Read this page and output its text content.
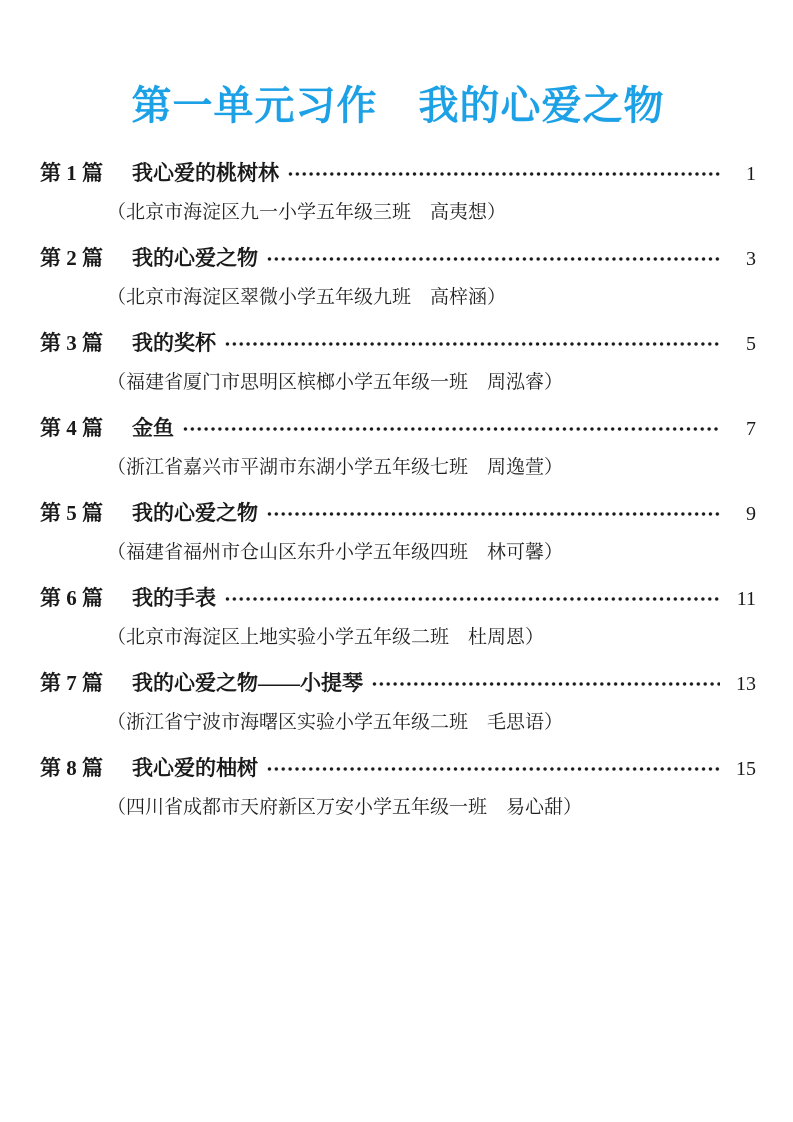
第一单元习作　我的心爱之物
第 1 篇	我心爱的桃树林	1
（北京市海淀区九一小学五年级三班　高夷想）
第 2 篇	我的心爱之物	3
（北京市海淀区翠微小学五年级九班　高梓涵）
第 3 篇	我的奖杯	5
（福建省厦门市思明区槟榔小学五年级一班　周泓睿）
第 4 篇	金鱼	7
（浙江省嘉兴市平湖市东湖小学五年级七班　周逸萱）
第 5 篇	我的心爱之物	9
（福建省福州市仓山区东升小学五年级四班　林可馨）
第 6 篇	我的手表	11
（北京市海淀区上地实验小学五年级二班　杜周恩）
第 7 篇	我的心爱之物——小提琴	13
（浙江省宁波市海曙区实验小学五年级二班　毛思语）
第 8 篇	我心爱的柚树	15
（四川省成都市天府新区万安小学五年级一班　易心甜）
